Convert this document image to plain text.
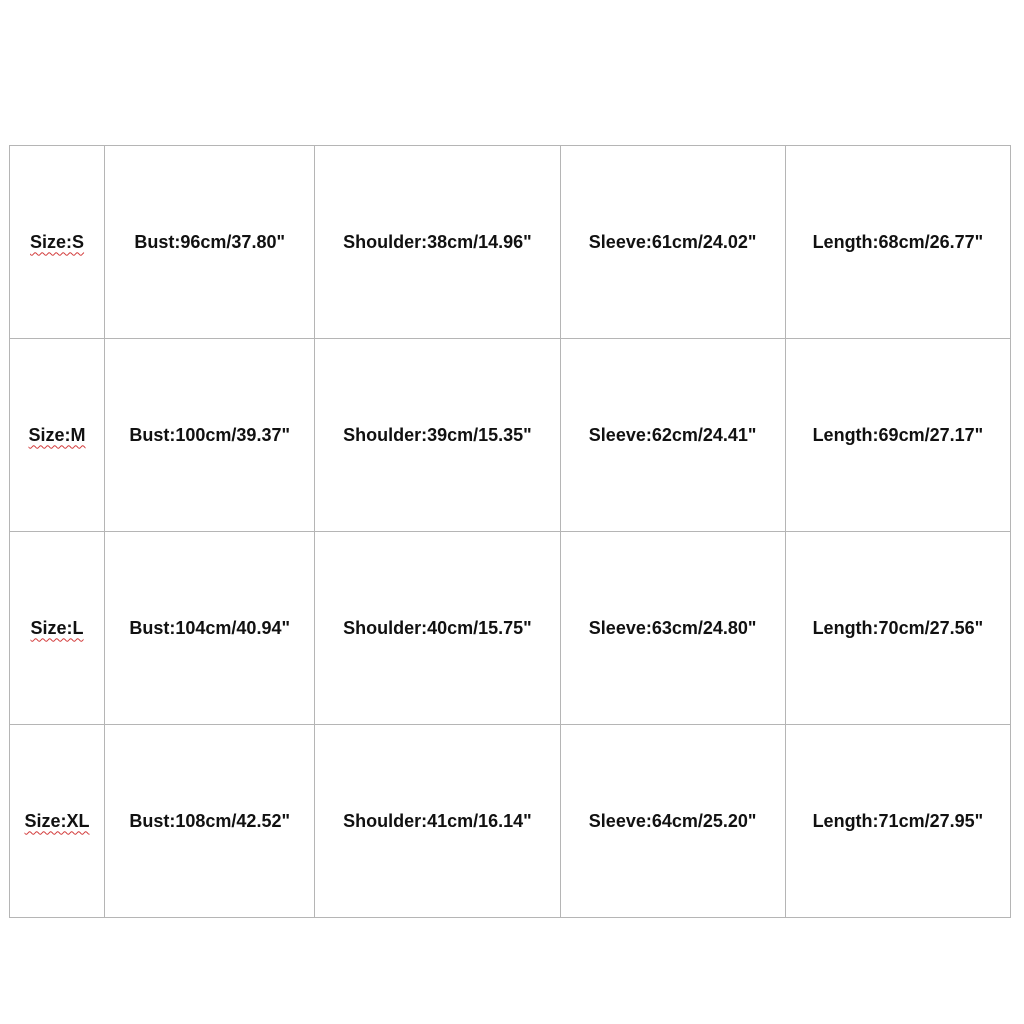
Size:S	Bust:96cm/37.80"	Shoulder:38cm/14.96"	Sleeve:61cm/24.02"	Length:68cm/26.77"
Size:M	Bust:100cm/39.37"	Shoulder:39cm/15.35"	Sleeve:62cm/24.41"	Length:69cm/27.17"
Size:L	Bust:104cm/40.94"	Shoulder:40cm/15.75"	Sleeve:63cm/24.80"	Length:70cm/27.56"
Size:XL	Bust:108cm/42.52"	Shoulder:41cm/16.14"	Sleeve:64cm/25.20"	Length:71cm/27.95"
